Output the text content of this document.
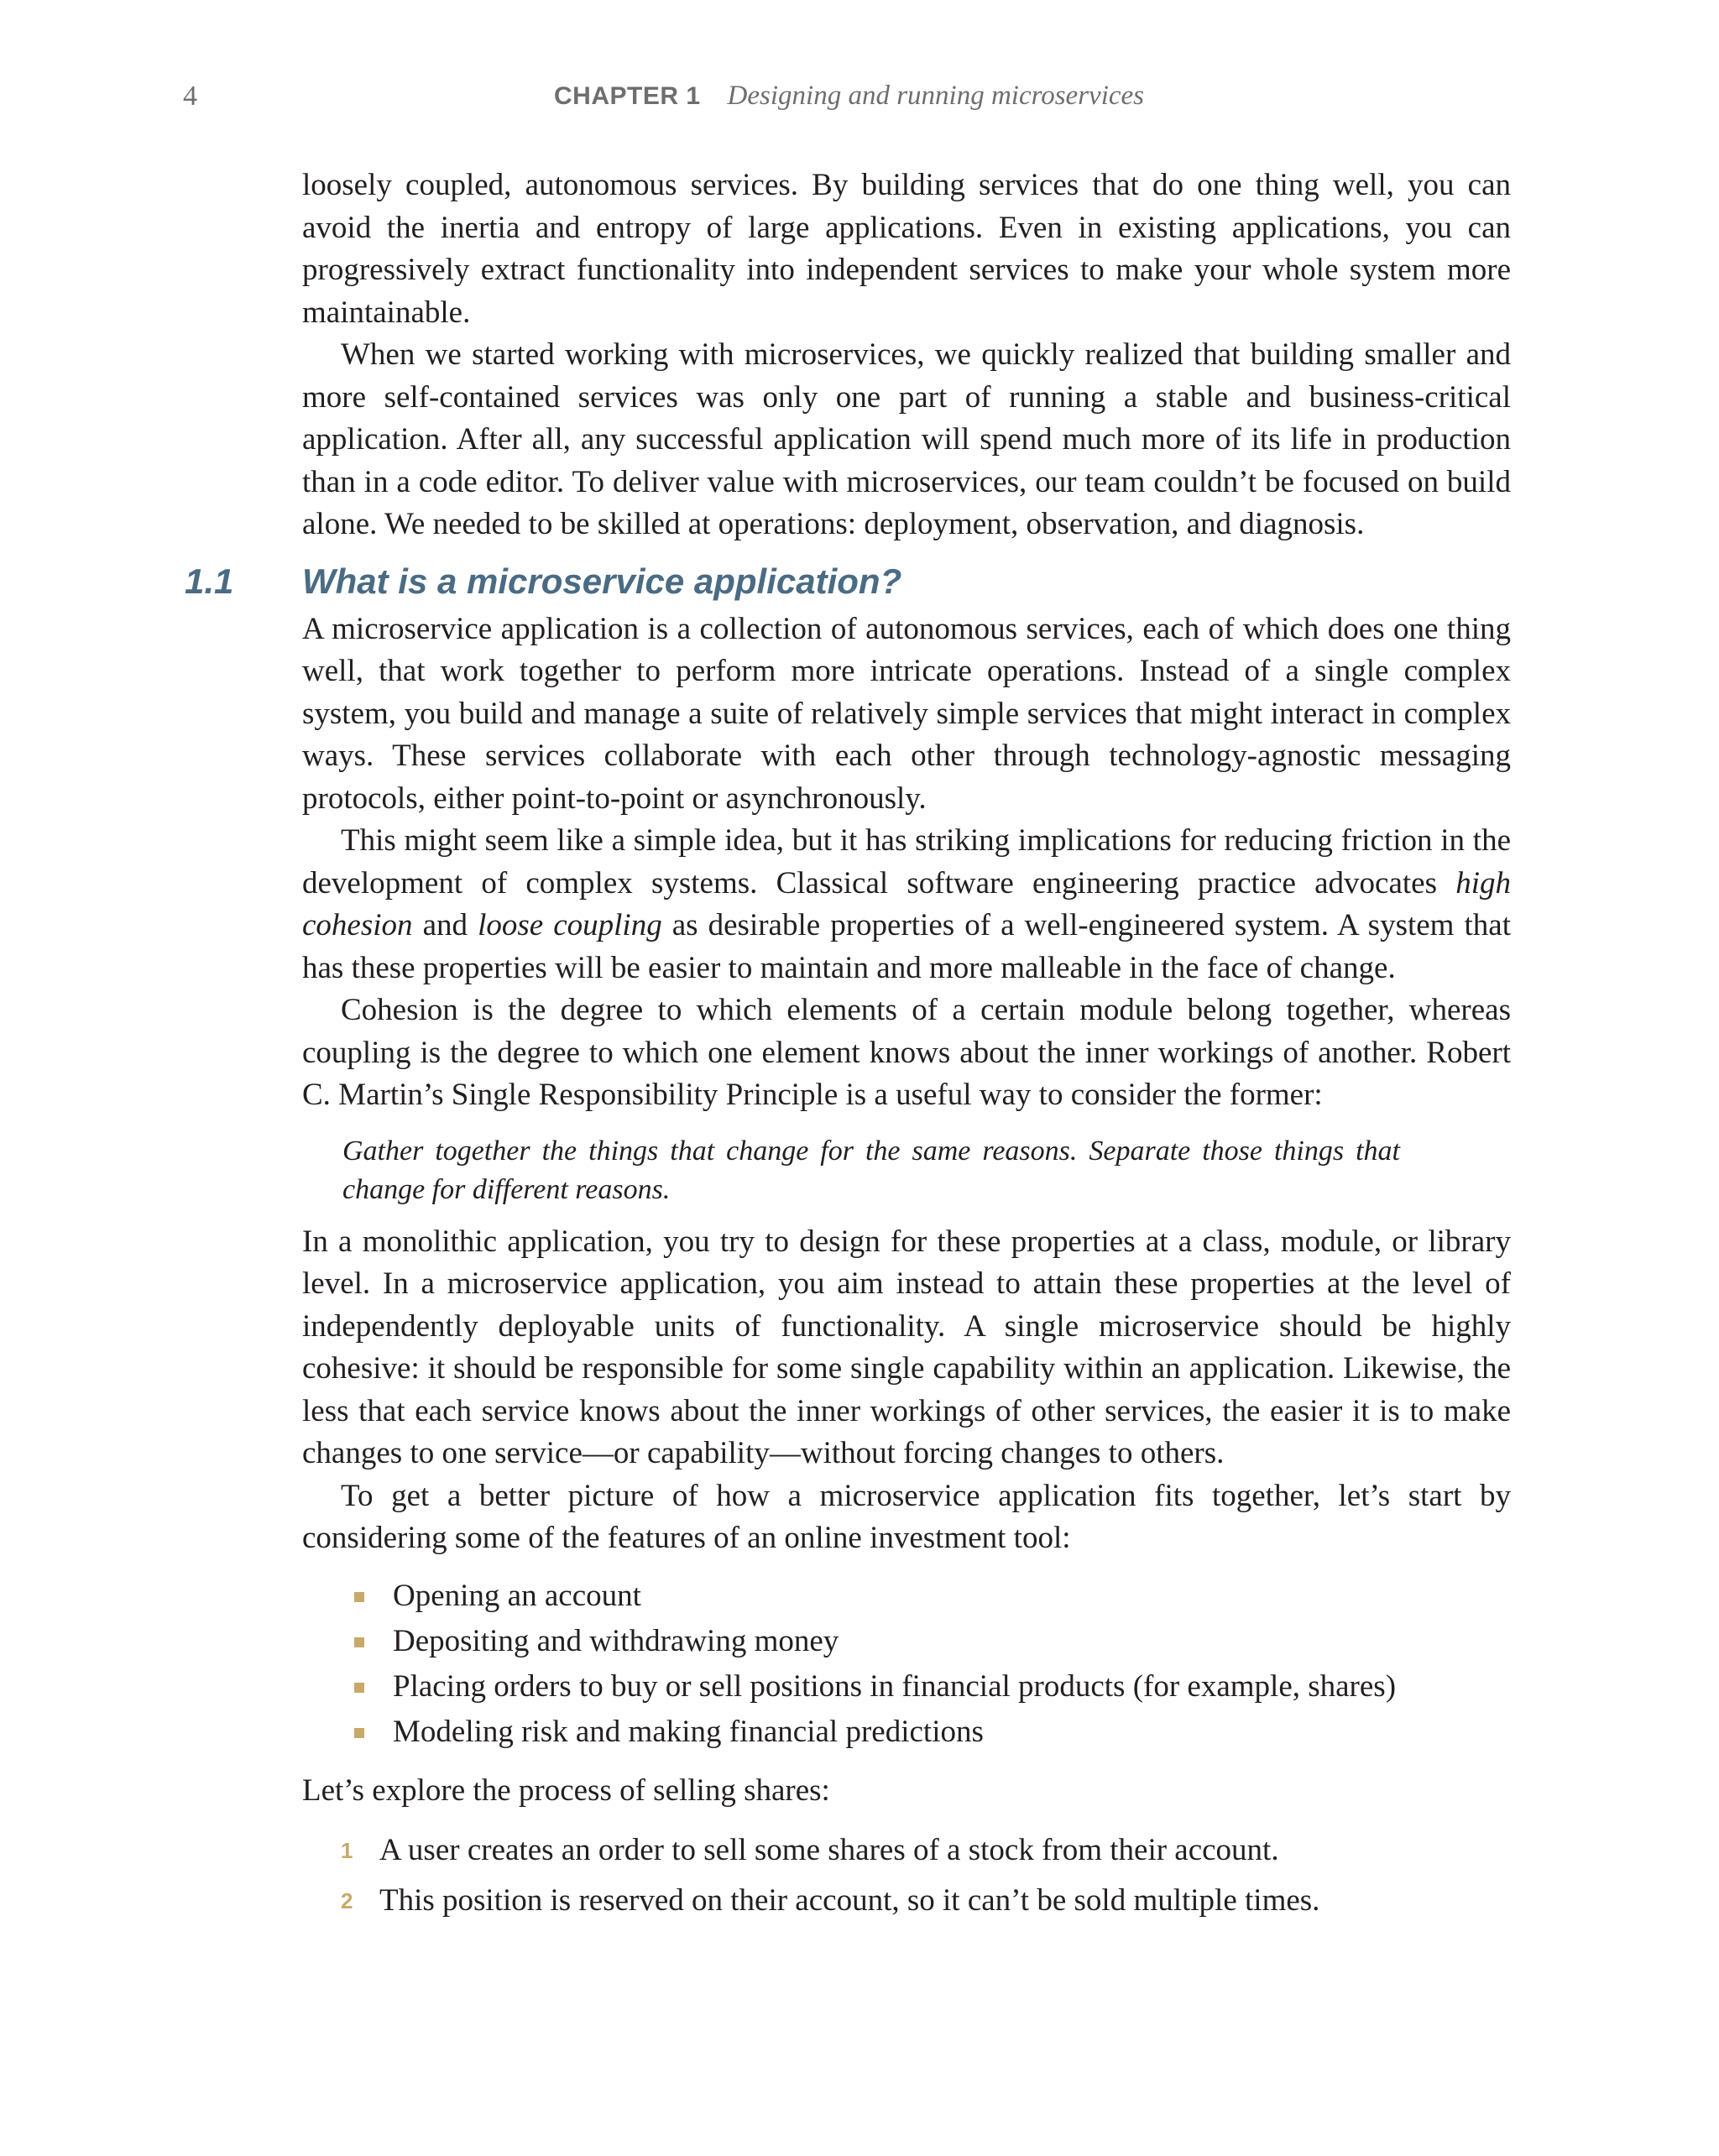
4	CHAPTER 1 Designing and running microservices

loosely coupled, autonomous services. By building services that do one thing well, you can avoid the inertia and entropy of large applications. Even in existing applications, you can progressively extract functionality into independent services to make your whole system more maintainable.

When we started working with microservices, we quickly realized that building smaller and more self-contained services was only one part of running a stable and business-critical application. After all, any successful application will spend much more of its life in production than in a code editor. To deliver value with microservices, our team couldn’t be focused on build alone. We needed to be skilled at operations: deployment, observation, and diagnosis.

1.1 What is a microservice application?

A microservice application is a collection of autonomous services, each of which does one thing well, that work together to perform more intricate operations. Instead of a single complex system, you build and manage a suite of relatively simple services that might interact in complex ways. These services collaborate with each other through technology-agnostic messaging protocols, either point-to-point or asynchronously.

This might seem like a simple idea, but it has striking implications for reducing friction in the development of complex systems. Classical software engineering practice advocates high cohesion and loose coupling as desirable properties of a well-engineered system. A system that has these properties will be easier to maintain and more malleable in the face of change.

Cohesion is the degree to which elements of a certain module belong together, whereas coupling is the degree to which one element knows about the inner workings of another. Robert C. Martin’s Single Responsibility Principle is a useful way to consider the former:

Gather together the things that change for the same reasons. Separate those things that change for different reasons.

In a monolithic application, you try to design for these properties at a class, module, or library level. In a microservice application, you aim instead to attain these properties at the level of independently deployable units of functionality. A single microservice should be highly cohesive: it should be responsible for some single capability within an application. Likewise, the less that each service knows about the inner workings of other services, the easier it is to make changes to one service—or capability—without forcing changes to others.

To get a better picture of how a microservice application fits together, let’s start by considering some of the features of an online investment tool:

Opening an account
Depositing and withdrawing money
Placing orders to buy or sell positions in financial products (for example, shares)
Modeling risk and making financial predictions

Let’s explore the process of selling shares:

1 A user creates an order to sell some shares of a stock from their account.
2 This position is reserved on their account, so it can’t be sold multiple times.
